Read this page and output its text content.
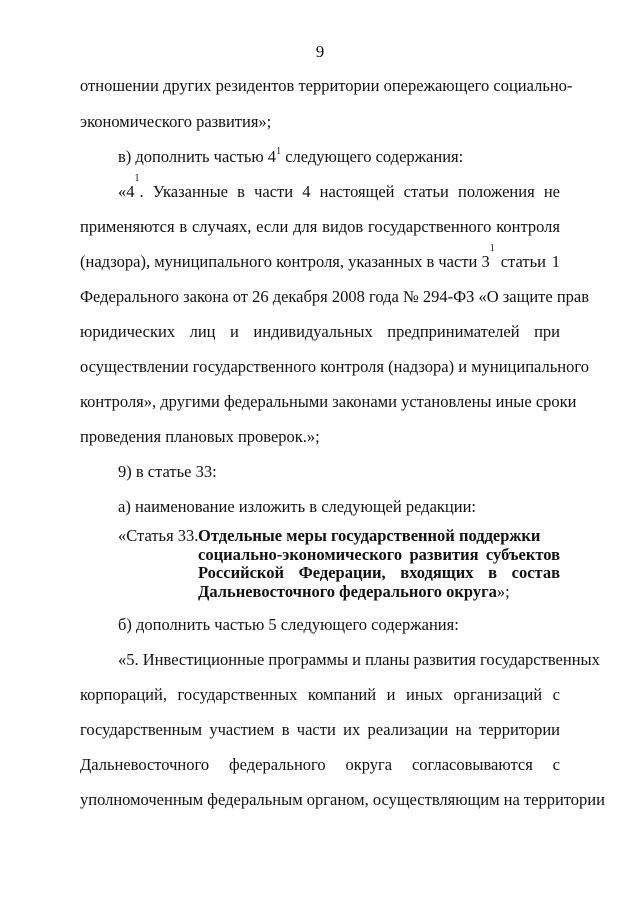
9
отношении других резидентов территории опережающего социально-
экономического развития»;
в) дополнить частью $4^1$ следующего содержания:
«4
$^1$
. Указанные в части 4 настоящей статьи положения не
применяются в случаях, если для видов государственного контроля
(надзора), муниципального контроля, указанных в части 3
$^1$
статьи 1
Федерального закона от 26 декабря 2008 года № 294-ФЗ «О защите прав
юридических лиц и индивидуальных предпринимателей при
осуществлении государственного контроля (надзора) и муниципального
контроля», другими федеральными законами установлены иные сроки
проведения плановых проверок.»;
9) в статье 33:
а) наименование изложить в следующей редакции:
«Статья 33. Отдельные меры государственной поддержки
социально-экономического развития субъектов
Российской Федерации, входящих в состав
Дальневосточного федерального округа»;
б) дополнить частью 5 следующего содержания:
«5. Инвестиционные программы и планы развития государственных
корпораций, государственных компаний и иных организаций с
государственным участием в части их реализации на территории
Дальневосточного федерального округа согласовываются с
уполномоченным федеральным органом, осуществляющим на территории
